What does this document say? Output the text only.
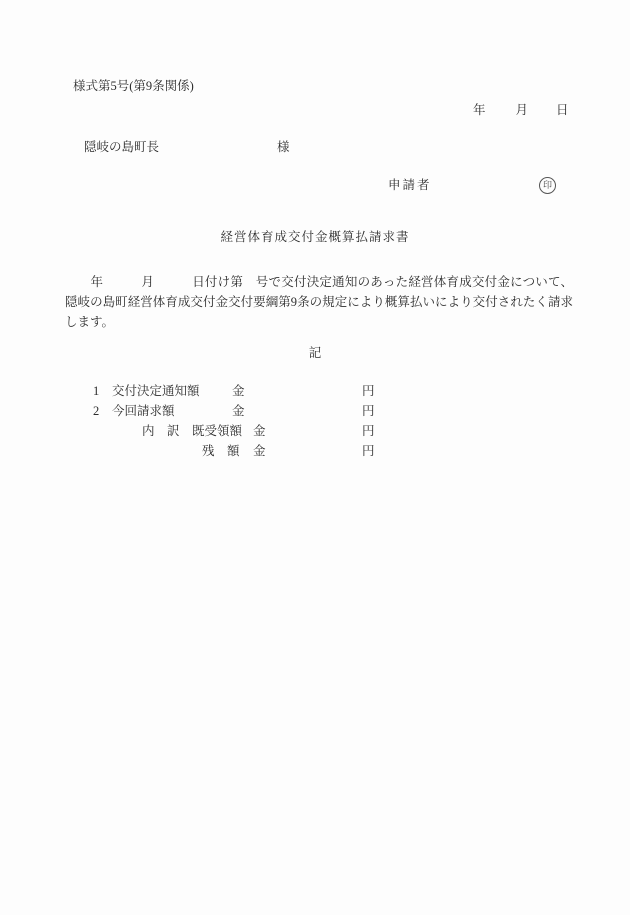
様式第5号(第9条関係)
年 月 日
隠岐の島町長	様
申請者	印
経営体育成交付金概算払請求書
　　年　　　月　　　日付け第　号で交付決定通知のあった経営体育成交付金について、隠岐の島町経営体育成交付金交付要綱第9条の規定により概算払いにより交付されたく請求します。
記
1 交付決定通知額	金	円
2 今回請求額	金	円
内　訳　既受領額 金	円
残　額 金	円
